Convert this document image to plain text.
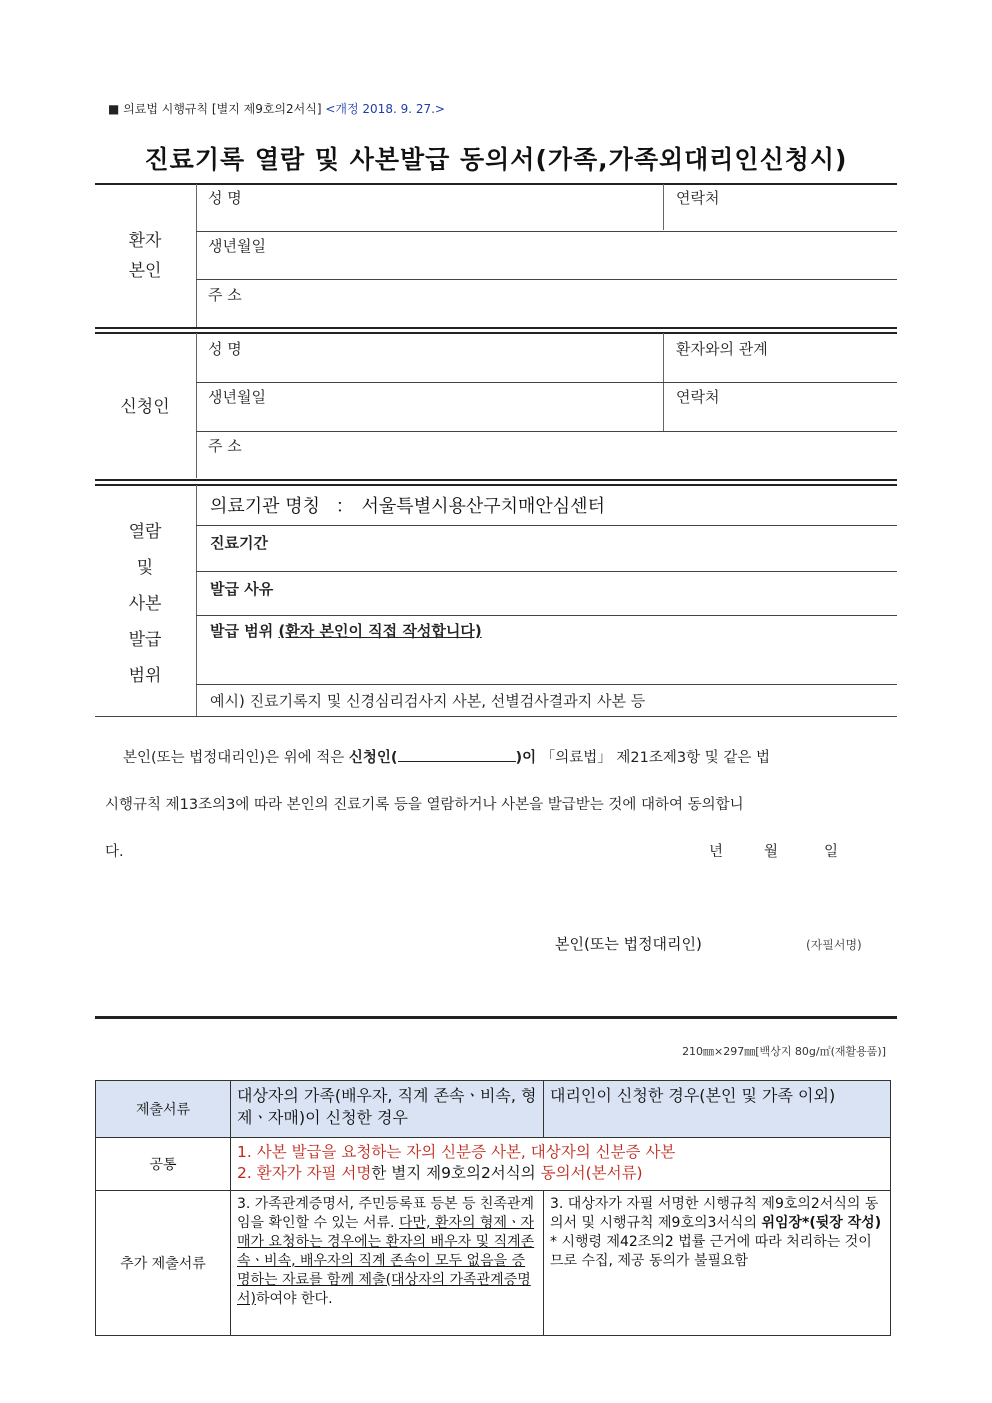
■ 의료법 시행규칙 [별지 제9호의2서식] <개정 2018. 9. 27.>
진료기록 열람 및 사본발급 동의서(가족,가족외대리인신청시)
환자
본인
성 명	연락처
생년월일
주 소
신청인
성 명	환자와의 관계
생년월일	연락처
주 소
열람
및
사본
발급
범위
의료기관 명칭 ： 서울특별시용산구치매안심센터
진료기간
발급 사유
발급 범위 (환자 본인이 직접 작성합니다)
예시) 진료기록지 및 신경심리검사지 사본, 선별검사결과지 사본 등
본인(또는 법정대리인)은 위에 적은 신청인(	)이 「의료법」 제21조제3항 및 같은 법
시행규칙 제13조의3에 따라 본인의 진료기록 등을 열람하거나 사본을 발급받는 것에 대하여 동의합니
다.	년	월	일
본인(또는 법정대리인)	(자필서명)
210㎜×297㎜[백상지 80g/㎡(재활용품)]
제출서류	대상자의 가족(배우자, 직계 존속ㆍ비속, 형제ㆍ자매)이 신청한 경우	대리인이 신청한 경우(본인 및 가족 이외)
공통	1. 사본 발급을 요청하는 자의 신분증 사본, 대상자의 신분증 사본
2. 환자가 자필 서명한 별지 제9호의2서식의 동의서(본서류)	

추가 제출서류	3. 가족관계증명서, 주민등록표 등본 등 친족관계임을 확인할 수 있는 서류. 다만, 환자의 형제ㆍ자매가 요청하는 경우에는 환자의 배우자 및 직계존속ㆍ비속, 배우자의 직계 존속이 모두 없음을 증명하는 자료를 함께 제출(대상자의 가족관계증명서)하여야 한다.	3. 대상자가 자필 서명한 시행규칙 제9호의2서식의 동의서 및 시행규칙 제9호의3서식의 위임장*(뒷장 작성)
* 시행령 제42조의2 법률 근거에 따라 처리하는 것이므로 수집, 제공 동의가 불필요함
